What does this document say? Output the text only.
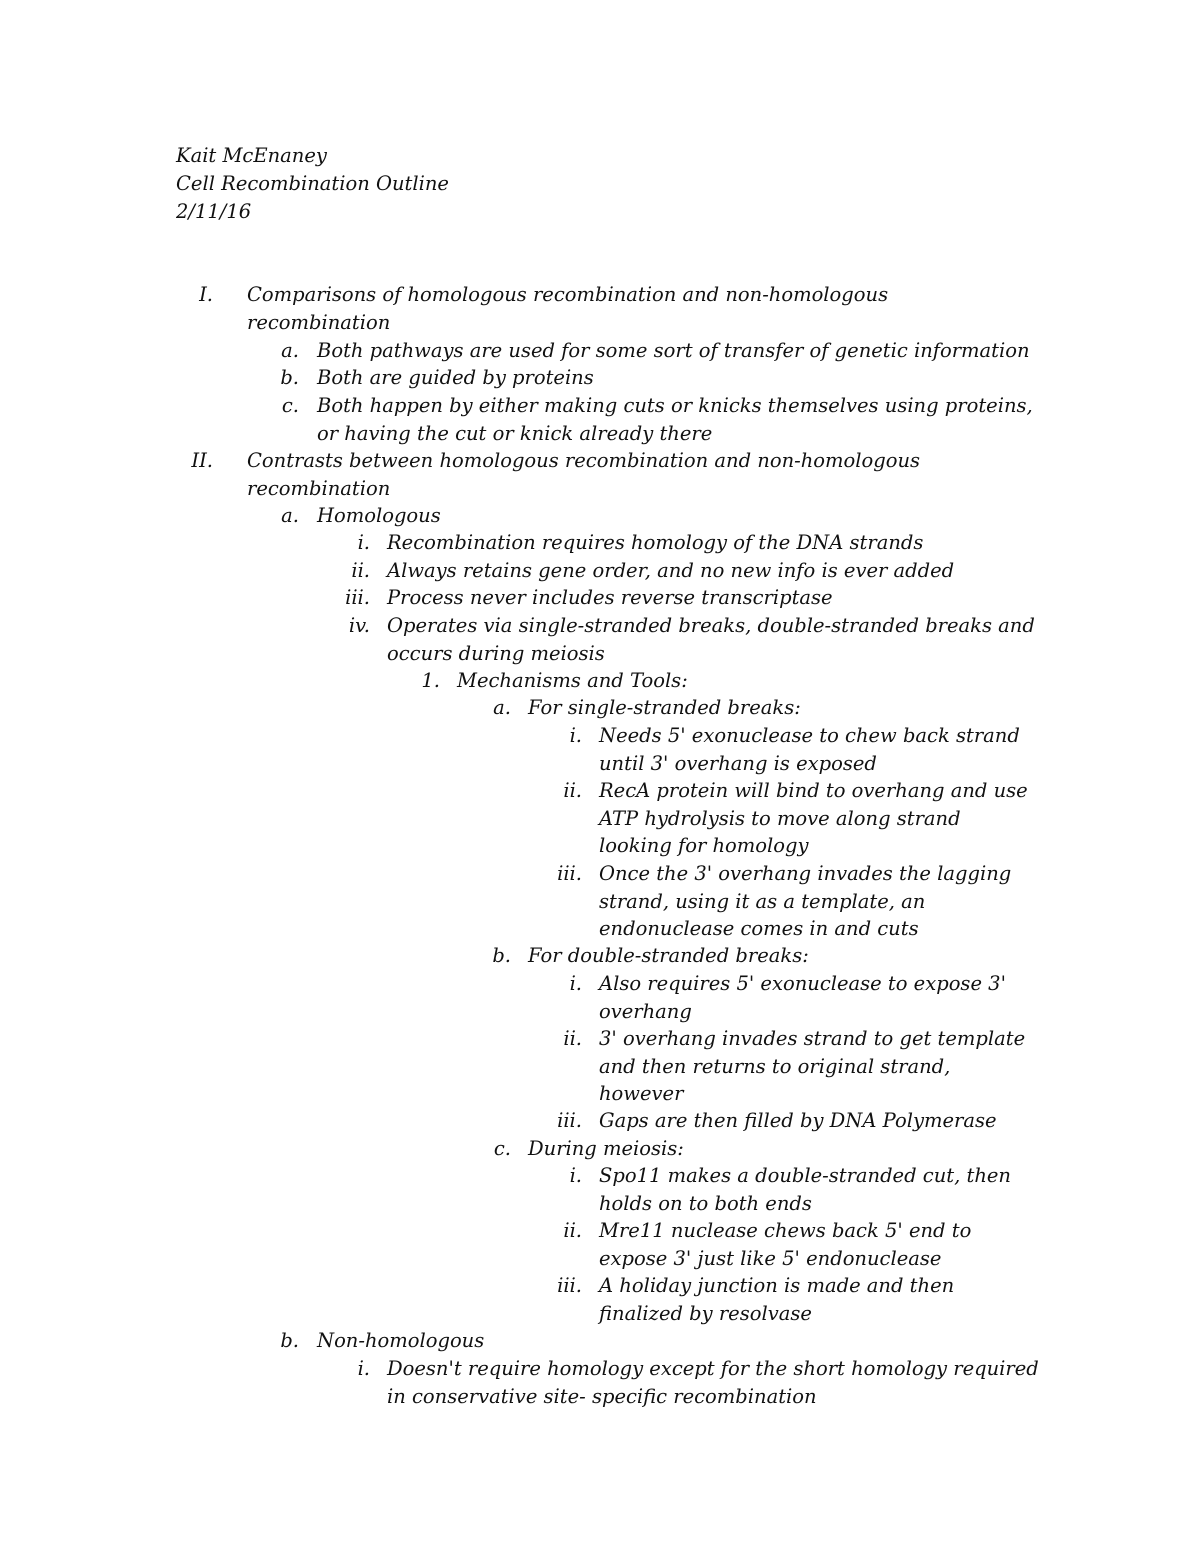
Kait McEnaney
Cell Recombination Outline
2/11/16
I. Comparisons of homologous recombination and non-homologous
recombination
a. Both pathways are used for some sort of transfer of genetic information
b. Both are guided by proteins
c. Both happen by either making cuts or knicks themselves using proteins,
or having the cut or knick already there
II. Contrasts between homologous recombination and non-homologous
recombination
a. Homologous
i. Recombination requires homology of the DNA strands
ii. Always retains gene order, and no new info is ever added
iii. Process never includes reverse transcriptase
iv. Operates via single-stranded breaks, double-stranded breaks and
occurs during meiosis
1. Mechanisms and Tools:
a. For single-stranded breaks:
i. Needs 5' exonuclease to chew back strand
until 3' overhang is exposed
ii. RecA protein will bind to overhang and use
ATP hydrolysis to move along strand
looking for homology
iii. Once the 3' overhang invades the lagging
strand, using it as a template, an
endonuclease comes in and cuts
b. For double-stranded breaks:
i. Also requires 5' exonuclease to expose 3'
overhang
ii. 3' overhang invades strand to get template
and then returns to original strand,
however
iii. Gaps are then filled by DNA Polymerase
c. During meiosis:
i. Spo11 makes a double-stranded cut, then
holds on to both ends
ii. Mre11 nuclease chews back 5' end to
expose 3' just like 5' endonuclease
iii. A holiday junction is made and then
finalized by resolvase
b. Non-homologous
i. Doesn't require homology except for the short homology required
in conservative site- specific recombination
